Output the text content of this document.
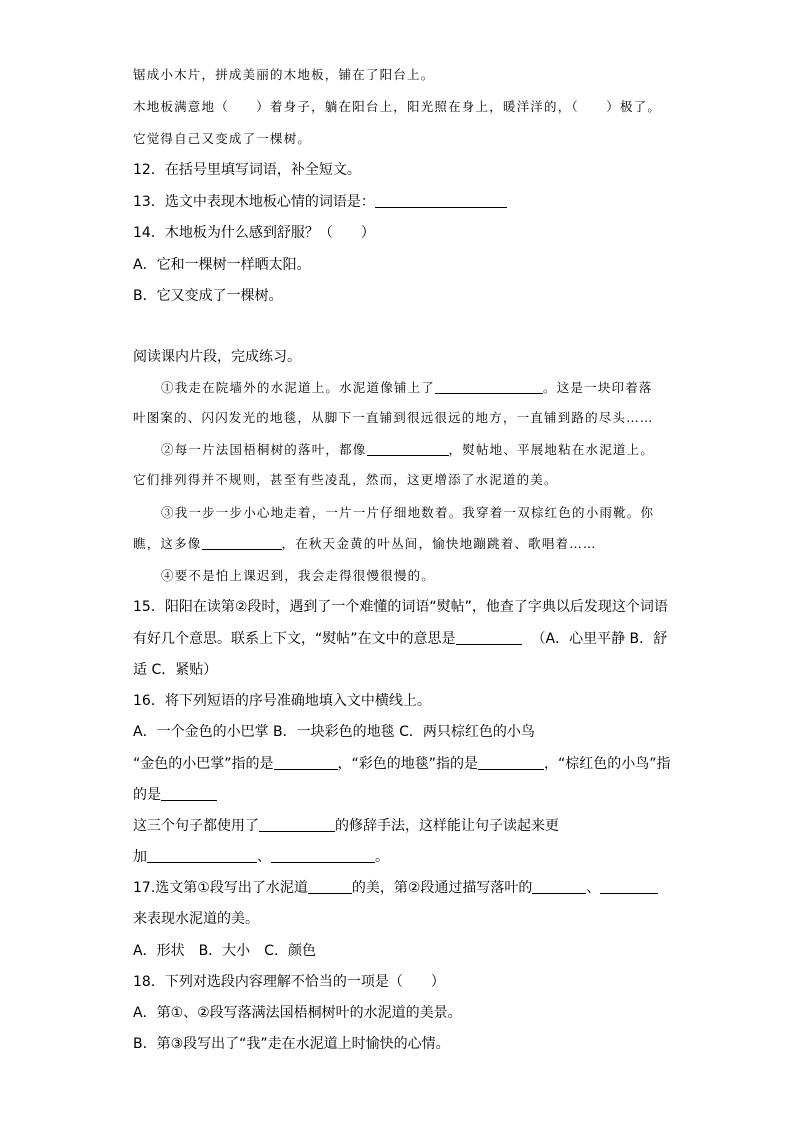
锯成小木片，拼成美丽的木地板，铺在了阳台上。
木地板满意地（　　）着身子，躺在阳台上，阳光照在身上，暖洋洋的，（　　）极了。
它觉得自己又变成了一棵树。
12．在括号里填写词语，补全短文。
13．选文中表现木地板心情的词语是：
14．木地板为什么感到舒服？（　　）
A．它和一棵树一样晒太阳。
B．它又变成了一棵树。
阅读课内片段，完成练习。
①我走在院墙外的水泥道上。水泥道像铺上了	。这是一块印着落
叶图案的、闪闪发光的地毯，从脚下一直铺到很远很远的地方，一直铺到路的尽头……
②每一片法国梧桐树的落叶，都像	，熨帖地、平展地粘在水泥道上。
它们排列得并不规则，甚至有些凌乱，然而，这更增添了水泥道的美。
③我一步一步小心地走着，一片一片仔细地数着。我穿着一双棕红色的小雨靴。你
瞧，这多像	，在秋天金黄的叶丛间，愉快地蹦跳着、歌唱着……
④要不是怕上课迟到，我会走得很慢很慢的。
15．阳阳在读第②段时，遇到了一个难懂的词语“熨帖”，他查了字典以后发现这个词语
有好几个意思。联系上下文，“熨帖”在文中的意思是	（A．心里平静 B．舒
适 C．紧贴）
16．将下列短语的序号准确地填入文中横线上。
A．一个金色的小巴掌 B．一块彩色的地毯 C．两只棕红色的小鸟
“金色的小巴掌”指的是	，“彩色的地毯”指的是	，“棕红色的小鸟”指
的是
这三个句子都使用了	的修辞手法，这样能让句子读起来更
加	、	。
17.选文第①段写出了水泥道	的美，第②段通过描写落叶的	、
来表现水泥道的美。
A．形状　B．大小　C．颜色
18．下列对选段内容理解不恰当的一项是（　　）
A．第①、②段写落满法国梧桐树叶的水泥道的美景。
B．第③段写出了“我”走在水泥道上时愉快的心情。
